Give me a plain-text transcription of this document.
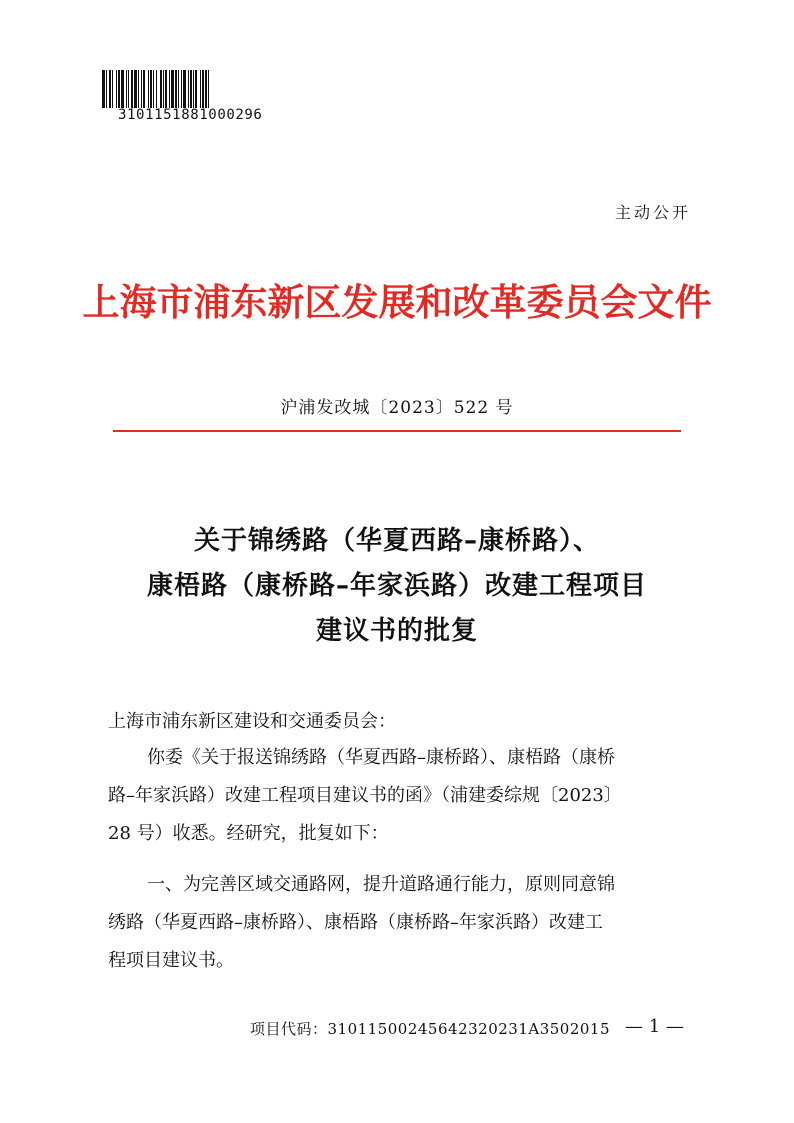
3101151881000296
主动公开
上海市浦东新区发展和改革委员会文件
沪浦发改城〔2023〕522 号
关于锦绣路（华夏西路–康桥路）、
康梧路（康桥路–年家浜路）改建工程项目
建议书的批复
上海市浦东新区建设和交通委员会：
你委《关于报送锦绣路（华夏西路–康桥路）、康梧路（康桥
路–年家浜路）改建工程项目建议书的函》（浦建委综规〔2023〕
28 号）收悉。经研究，批复如下：
一、为完善区域交通路网，提升道路通行能力，原则同意锦
绣路（华夏西路–康桥路）、康梧路（康桥路–年家浜路）改建工
程项目建议书。
项目代码：31011500245642320231A3502015 — 1 —
